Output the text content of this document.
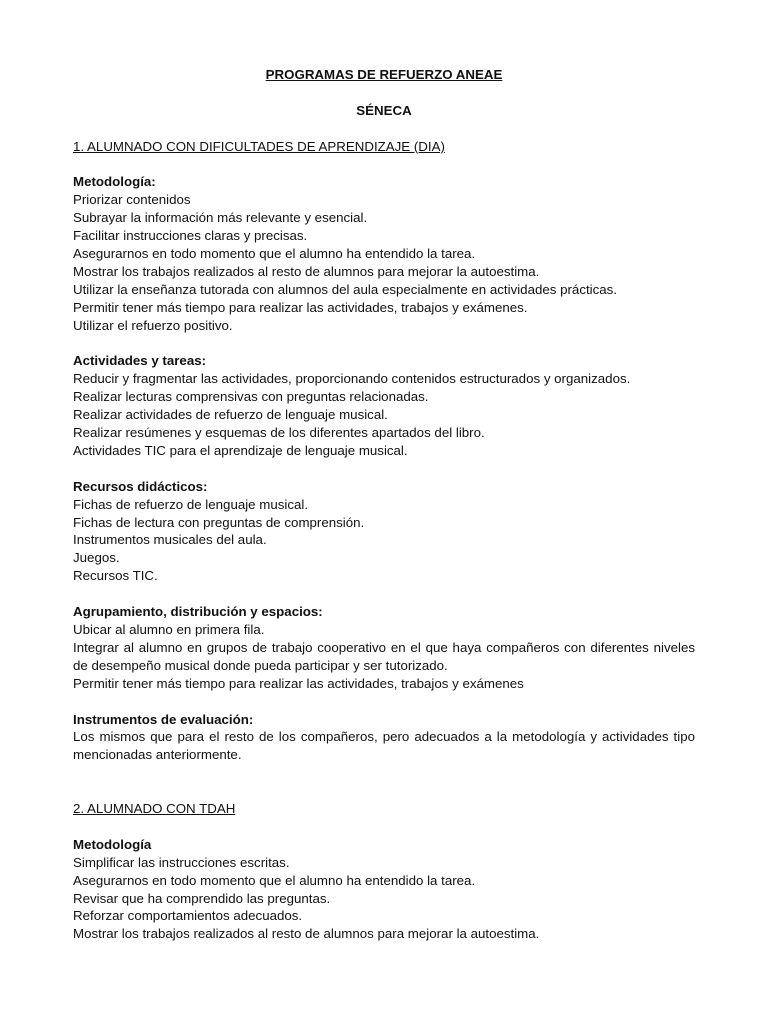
PROGRAMAS DE REFUERZO ANEAE
SÉNECA
1. ALUMNADO CON DIFICULTADES DE APRENDIZAJE (DIA)
Metodología:
Priorizar contenidos
Subrayar la información más relevante y esencial.
Facilitar instrucciones claras y precisas.
Asegurarnos en todo momento que el alumno ha entendido la tarea.
Mostrar los trabajos realizados al resto de alumnos para mejorar la autoestima.
Utilizar la enseñanza tutorada con alumnos del aula especialmente en actividades prácticas.
Permitir tener más tiempo para realizar las actividades, trabajos y exámenes.
Utilizar el refuerzo positivo.
Actividades y tareas:
Reducir y fragmentar las actividades, proporcionando contenidos estructurados y organizados.
Realizar lecturas comprensivas con preguntas relacionadas.
Realizar actividades de refuerzo de lenguaje musical.
Realizar resúmenes y esquemas de los diferentes apartados del libro.
Actividades TIC para el aprendizaje de lenguaje musical.
Recursos didácticos:
Fichas de refuerzo de lenguaje musical.
Fichas de lectura con preguntas de comprensión.
Instrumentos musicales del aula.
Juegos.
Recursos TIC.
Agrupamiento, distribución y espacios:
Ubicar al alumno en primera fila.
Integrar al alumno en grupos de trabajo cooperativo en el que haya compañeros con diferentes niveles de desempeño musical donde pueda participar y ser tutorizado.
Permitir tener más tiempo para realizar las actividades, trabajos y exámenes
Instrumentos de evaluación:
Los mismos que para el resto de los compañeros, pero adecuados a la metodología y actividades tipo mencionadas anteriormente.
2. ALUMNADO CON TDAH
Metodología
Simplificar las instrucciones escritas.
Asegurarnos en todo momento que el alumno ha entendido la tarea.
Revisar que ha comprendido las preguntas.
Reforzar comportamientos adecuados.
Mostrar los trabajos realizados al resto de alumnos para mejorar la autoestima.
